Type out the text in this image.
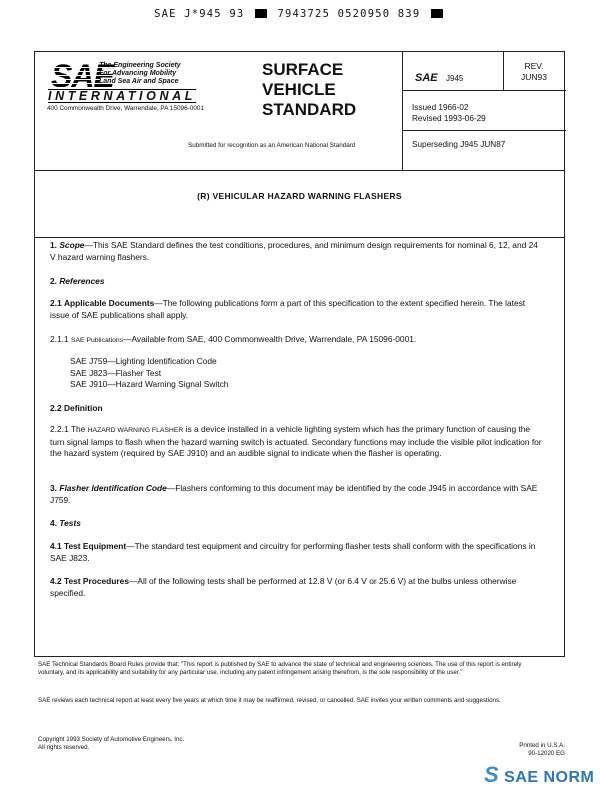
SAE J*945 93	7943725 0520950 839
SAE
The Engineering Society
For Advancing Mobility
Land Sea Air and Space
INTERNATIONAL
400 Commonwealth Drive, Warrendale, PA 15096-0001
SURFACE
VEHICLE
STANDARD
Submitted for recognition as an American National Standard
SAE J945
REV.
JUN93
Issued 1966-02
Revised 1993-06-29
Superseding J945 JUN87
(R) VEHICULAR HAZARD WARNING FLASHERS
1. Scope—This SAE Standard defines the test conditions, procedures, and minimum design requirements for nominal 6, 12, and 24 V hazard warning flashers.
2. References
2.1 Applicable Documents—The following publications form a part of this specification to the extent specified herein. The latest issue of SAE publications shall apply.
2.1.1 SAE Publications—Available from SAE, 400 Commonwealth Drive, Warrendale, PA 15096-0001.
SAE J759—Lighting Identification Code
SAE J823—Flasher Test
SAE J910—Hazard Warning Signal Switch
2.2 Definition
2.2.1 The HAZARD WARNING FLASHER is a device installed in a vehicle lighting system which has the primary function of causing the turn signal lamps to flash when the hazard warning switch is actuated. Secondary functions may include the visible pilot indication for the hazard system (required by SAE J910) and an audible signal to indicate when the flasher is operating.
3. Flasher Identification Code—Flashers conforming to this document may be identified by the code J945 in accordance with SAE J759.
4. Tests
4.1 Test Equipment—The standard test equipment and circuitry for performing flasher tests shall conform with the specifications in SAE J823.
4.2 Test Procedures—All of the following tests shall be performed at 12.8 V (or 6.4 V or 25.6 V) at the bulbs unless otherwise specified.
SAE Technical Standards Board Rules provide that: "This report is published by SAE to advance the state of technical and engineering sciences. The use of this report is entirely voluntary, and its applicability and suitability for any particular use, including any patent infringement arising therefrom, is the sole responsibility of the user."
SAE reviews each technical report at least every five years at which time it may be reaffirmed, revised, or cancelled. SAE invites your written comments and suggestions.
Copyright 1993 Society of Automotive Engineers, Inc.
All rights reserved.	Printed in U.S.A.
90-12020 EG
S SAE NORM
